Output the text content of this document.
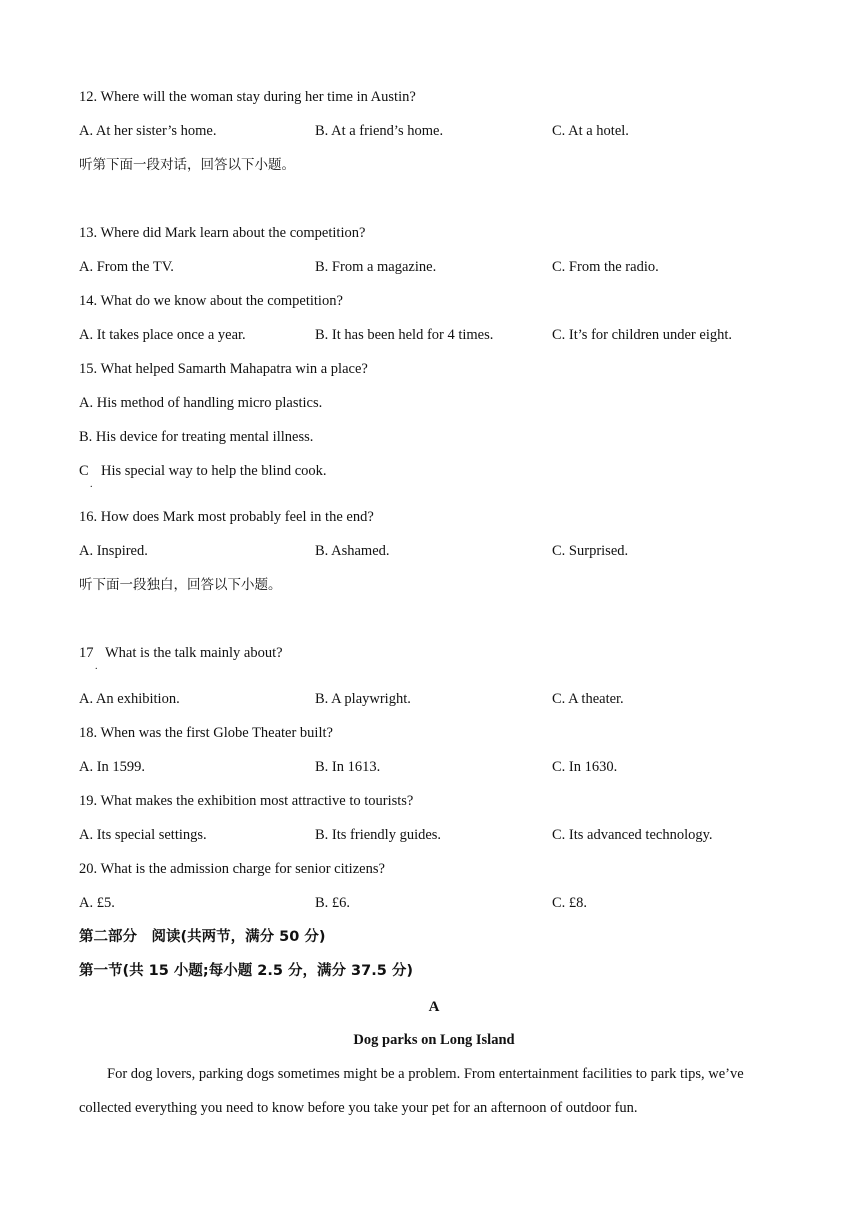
12. Where will the woman stay during her time in Austin?
A. At her sister’s home.	B. At a friend’s home.	C. At a hotel.
听第下面一段对话，回答以下小题。
13. Where did Mark learn about the competition?
A. From the TV.	B. From a magazine.	C. From the radio.
14. What do we know about the competition?
A. It takes place once a year.	B. It has been held for 4 times.	C. It’s for children under eight.
15. What helped Samarth Mahapatra win a place?
A. His method of handling micro plastics.
B. His device for treating mental illness.
C
.
His special way to help the blind cook.
16. How does Mark most probably feel in the end?
A. Inspired.	B. Ashamed.	C. Surprised.
听下面一段独白，回答以下小题。
17
.
What is the talk mainly about?
A. An exhibition.	B. A playwright.	C. A theater.
18. When was the first Globe Theater built?
A. In 1599.	B. In 1613.	C. In 1630.
19. What makes the exhibition most attractive to tourists?
A. Its special settings.	B. Its friendly guides.	C. Its advanced technology.
20. What is the admission charge for senior citizens?
A. £5.	B. £6.	C. £8.
第二部分　阅读(共两节，满分 50 分)
第一节(共 15 小题;每小题 2.5 分，满分 37.5 分)
A
Dog parks on Long Island
For dog lovers, parking dogs sometimes might be a problem. From entertainment facilities to park tips, we’ve collected everything you need to know before you take your pet for an afternoon of outdoor fun.
